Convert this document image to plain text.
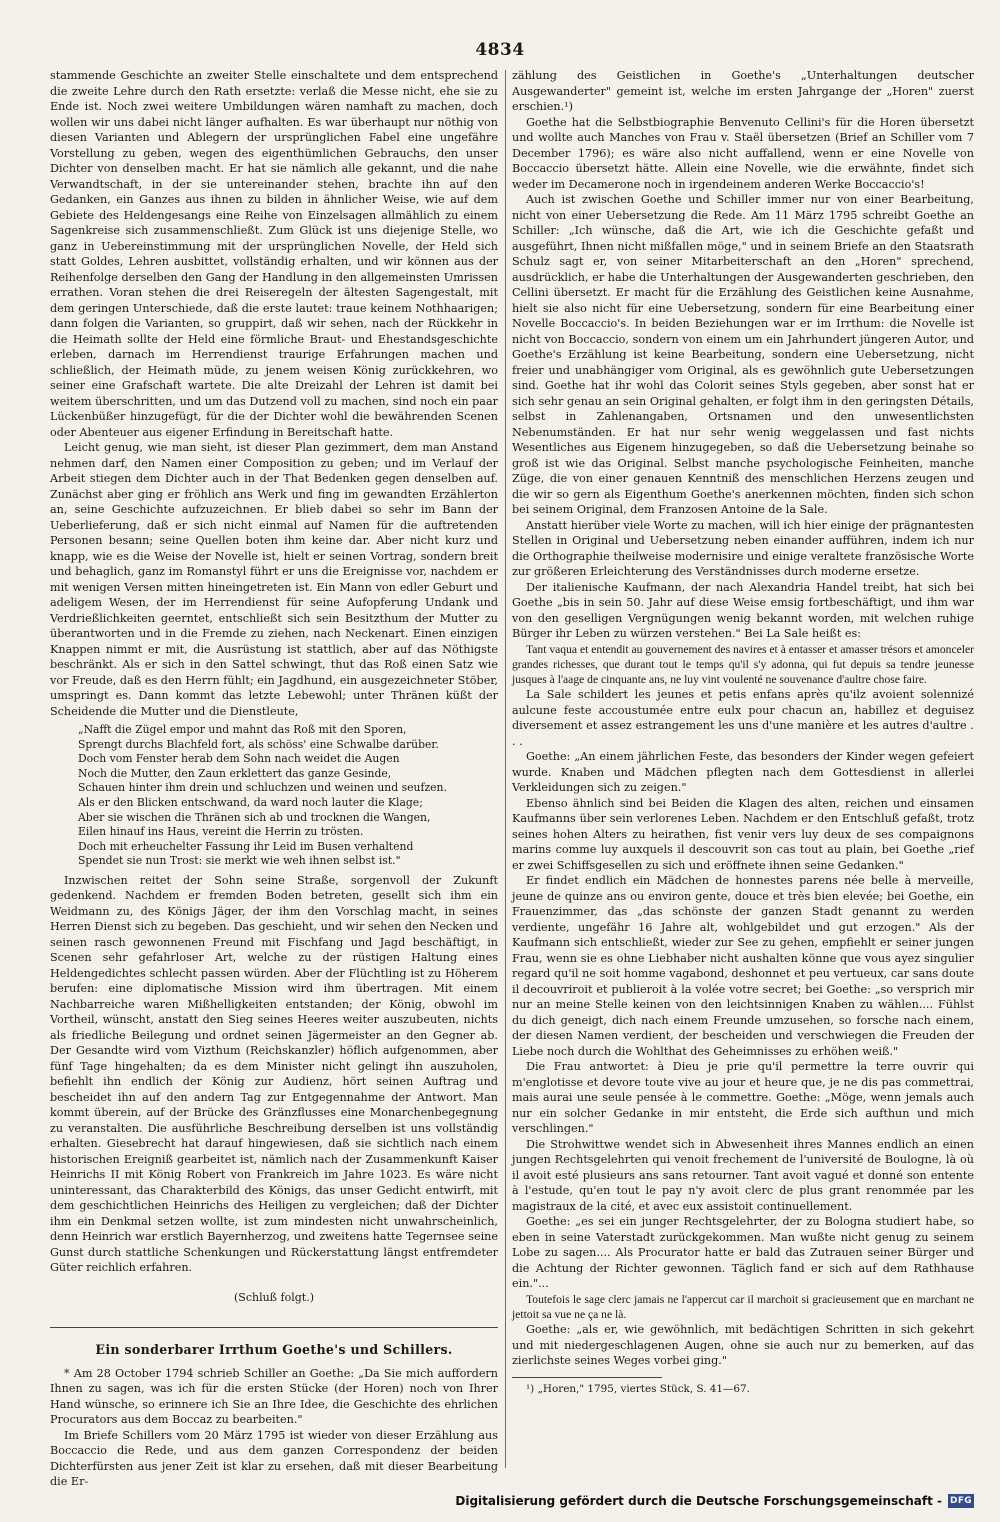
4834

stammende Geschichte an zweiter Stelle einschaltete und dem entsprechend die zweite Lehre durch den Rath ersetzte: verlaß die Messe nicht, ehe sie zu Ende ist. Noch zwei weitere Umbildungen wären namhaft zu machen, doch wollen wir uns dabei nicht länger aufhalten. Es war überhaupt nur nöthig von diesen Varianten und Ablegern der ursprünglichen Fabel eine ungefähre Vorstellung zu geben, wegen des eigenthümlichen Gebrauchs, den unser Dichter von denselben macht. Er hat sie nämlich alle gekannt, und die nahe Verwandtschaft, in der sie untereinander stehen, brachte ihn auf den Gedanken, ein Ganzes aus ihnen zu bilden in ähnlicher Weise, wie auf dem Gebiete des Heldengesangs eine Reihe von Einzelsagen allmählich zu einem Sagenkreise sich zusammenschließt. Zum Glück ist uns diejenige Stelle, wo ganz in Uebereinstimmung mit der ursprünglichen Novelle, der Held sich statt Goldes, Lehren ausbittet, vollständig erhalten, und wir können aus der Reihenfolge derselben den Gang der Handlung in den allgemeinsten Umrissen errathen. Voran stehen die drei Reiseregeln der ältesten Sagengestalt, mit dem geringen Unterschiede, daß die erste lautet: traue keinem Nothhaarigen; dann folgen die Varianten, so gruppirt, daß wir sehen, nach der Rückkehr in die Heimath sollte der Held eine förmliche Braut- und Ehestandsgeschichte erleben, darnach im Herrendienst traurige Erfahrungen machen und schließlich, der Heimath müde, zu jenem weisen König zurückkehren, wo seiner eine Grafschaft wartete. Die alte Dreizahl der Lehren ist damit bei weitem überschritten, und um das Dutzend voll zu machen, sind noch ein paar Lückenbüßer hinzugefügt, für die der Dichter wohl die bewährenden Scenen oder Abenteuer aus eigener Erfindung in Bereitschaft hatte.

Leicht genug, wie man sieht, ist dieser Plan gezimmert, dem man Anstand nehmen darf, den Namen einer Composition zu geben; und im Verlauf der Arbeit stiegen dem Dichter auch in der That Bedenken gegen denselben auf. Zunächst aber ging er fröhlich ans Werk und fing im gewandten Erzählerton an, seine Geschichte aufzuzeichnen. Er blieb dabei so sehr im Bann der Ueberlieferung, daß er sich nicht einmal auf Namen für die auftretenden Personen besann; seine Quellen boten ihm keine dar. Aber nicht kurz und knapp, wie es die Weise der Novelle ist, hielt er seinen Vortrag, sondern breit und behaglich, ganz im Romanstyl führt er uns die Ereignisse vor, nachdem er mit wenigen Versen mitten hineingetreten ist. Ein Mann von edler Geburt und adeligem Wesen, der im Herrendienst für seine Aufopferung Undank und Verdrießlichkeiten geerntet, entschließt sich sein Besitzthum der Mutter zu überantworten und in die Fremde zu ziehen, nach Neckenart. Einen einzigen Knappen nimmt er mit, die Ausrüstung ist stattlich, aber auf das Nöthigste beschränkt. Als er sich in den Sattel schwingt, thut das Roß einen Satz wie vor Freude, daß es den Herrn fühlt; ein Jagdhund, ein ausgezeichneter Stöber, umspringt es. Dann kommt das letzte Lebewohl; unter Thränen küßt der Scheidende die Mutter und die Dienstleute,

„Nafft die Zügel empor und mahnt das Roß mit den Sporen,
Sprengt durchs Blachfeld fort, als schöss' eine Schwalbe darüber.
Doch vom Fenster herab dem Sohn nach weidet die Augen
Noch die Mutter, den Zaun erklettert das ganze Gesinde,
Schauen hinter ihm drein und schluchzen und weinen und seufzen.
Als er den Blicken entschwand, da ward noch lauter die Klage;
Aber sie wischen die Thränen sich ab und trocknen die Wangen,
Eilen hinauf ins Haus, vereint die Herrin zu trösten.
Doch mit erheuchelter Fassung ihr Leid im Busen verhaltend
Spendet sie nun Trost: sie merkt wie weh ihnen selbst ist."

Inzwischen reitet der Sohn seine Straße, sorgenvoll der Zukunft gedenkend. Nachdem er fremden Boden betreten, gesellt sich ihm ein Weidmann zu, des Königs Jäger, der ihm den Vorschlag macht, in seines Herren Dienst sich zu begeben. Das geschieht, und wir sehen den Necken und seinen rasch gewonnenen Freund mit Fischfang und Jagd beschäftigt, in Scenen sehr gefahrloser Art, welche zu der rüstigen Haltung eines Heldengedichtes schlecht passen würden. Aber der Flüchtling ist zu Höherem berufen: eine diplomatische Mission wird ihm übertragen. Mit einem Nachbarreiche waren Mißhelligkeiten entstanden; der König, obwohl im Vortheil, wünscht, anstatt den Sieg seines Heeres weiter auszubeuten, nichts als friedliche Beilegung und ordnet seinen Jägermeister an den Gegner ab. Der Gesandte wird vom Vizthum (Reichskanzler) höflich aufgenommen, aber fünf Tage hingehalten; da es dem Minister nicht gelingt ihn auszuholen, befiehlt ihn endlich der König zur Audienz, hört seinen Auftrag und bescheidet ihn auf den andern Tag zur Entgegennahme der Antwort. Man kommt überein, auf der Brücke des Gränzflusses eine Monarchenbegegnung zu veranstalten. Die ausführliche Beschreibung derselben ist uns vollständig erhalten. Giesebrecht hat darauf hingewiesen, daß sie sichtlich nach einem historischen Ereigniß gearbeitet ist, nämlich nach der Zusammenkunft Kaiser Heinrichs II mit König Robert von Frankreich im Jahre 1023. Es wäre nicht uninteressant, das Charakterbild des Königs, das unser Gedicht entwirft, mit dem geschichtlichen Heinrichs des Heiligen zu vergleichen; daß der Dichter ihm ein Denkmal setzen wollte, ist zum mindesten nicht unwahrscheinlich, denn Heinrich war erstlich Bayernherzog, und zweitens hatte Tegernsee seine Gunst durch stattliche Schenkungen und Rückerstattung längst entfremdeter Güter reichlich erfahren.

(Schluß folgt.)

Ein sonderbarer Irrthum Goethe's und Schillers.

* Am 28 October 1794 schrieb Schiller an Goethe: „Da Sie mich auffordern Ihnen zu sagen, was ich für die ersten Stücke (der Horen) noch von Ihrer Hand wünsche, so erinnere ich Sie an Ihre Idee, die Geschichte des ehrlichen Procurators aus dem Boccaz zu bearbeiten."

Im Briefe Schillers vom 20 März 1795 ist wieder von dieser Erzählung aus Boccaccio die Rede, und aus dem ganzen Correspondenz der beiden Dichterfürsten aus jener Zeit ist klar zu ersehen, daß mit dieser Bearbeitung die Er-

zählung des Geistlichen in Goethe's „Unterhaltungen deutscher Ausgewanderter" gemeint ist, welche im ersten Jahrgange der „Horen" zuerst erschien.¹)

Goethe hat die Selbstbiographie Benvenuto Cellini's für die Horen übersetzt und wollte auch Manches von Frau v. Staël übersetzen (Brief an Schiller vom 7 December 1796); es wäre also nicht auffallend, wenn er eine Novelle von Boccaccio übersetzt hätte. Allein eine Novelle, wie die erwähnte, findet sich weder im Decamerone noch in irgendeinem anderen Werke Boccaccio's!

Auch ist zwischen Goethe und Schiller immer nur von einer Bearbeitung, nicht von einer Uebersetzung die Rede. Am 11 März 1795 schreibt Goethe an Schiller: „Ich wünsche, daß die Art, wie ich die Geschichte gefaßt und ausgeführt, Ihnen nicht mißfallen möge," und in seinem Briefe an den Staatsrath Schulz sagt er, von seiner Mitarbeiterschaft an den „Horen" sprechend, ausdrücklich, er habe die Unterhaltungen der Ausgewanderten geschrieben, den Cellini übersetzt. Er macht für die Erzählung des Geistlichen keine Ausnahme, hielt sie also nicht für eine Uebersetzung, sondern für eine Bearbeitung einer Novelle Boccaccio's. In beiden Beziehungen war er im Irrthum: die Novelle ist nicht von Boccaccio, sondern von einem um ein Jahrhundert jüngeren Autor, und Goethe's Erzählung ist keine Bearbeitung, sondern eine Uebersetzung, nicht freier und unabhängiger vom Original, als es gewöhnlich gute Uebersetzungen sind. Goethe hat ihr wohl das Colorit seines Styls gegeben, aber sonst hat er sich sehr genau an sein Original gehalten, er folgt ihm in den geringsten Détails, selbst in Zahlenangaben, Ortsnamen und den unwesentlichsten Nebenumständen. Er hat nur sehr wenig weggelassen und fast nichts Wesentliches aus Eigenem hinzugegeben, so daß die Uebersetzung beinahe so groß ist wie das Original. Selbst manche psychologische Feinheiten, manche Züge, die von einer genauen Kenntniß des menschlichen Herzens zeugen und die wir so gern als Eigenthum Goethe's anerkennen möchten, finden sich schon bei seinem Original, dem Franzosen Antoine de la Sale.

Anstatt hierüber viele Worte zu machen, will ich hier einige der prägnantesten Stellen in Original und Uebersetzung neben einander aufführen, indem ich nur die Orthographie theilweise modernisire und einige veraltete französische Worte zur größeren Erleichterung des Verständnisses durch moderne ersetze.

Der italienische Kaufmann, der nach Alexandria Handel treibt, hat sich bei Goethe „bis in sein 50. Jahr auf diese Weise emsig fortbeschäftigt, und ihm war von den geselligen Vergnügungen wenig bekannt worden, mit welchen ruhige Bürger ihr Leben zu würzen verstehen." Bei La Sale heißt es:

Tant vaqua et entendit au gouvernement des navires et à entasser et amasser trésors et amonceler grandes richesses, que durant tout le temps qu'il s'y adonna, qui fut depuis sa tendre jeunesse jusques à l'aage de cinquante ans, ne luy vint voulenté ne souvenance d'aultre chose faire.

La Sale schildert les jeunes et petis enfans après qu'ilz avoient solennizé aulcune feste accoustumée entre eulx pour chacun an, habillez et deguisez diversement et assez estrangement les uns d'une manière et les autres d'aultre . . .

Goethe: „An einem jährlichen Feste, das besonders der Kinder wegen gefeiert wurde. Knaben und Mädchen pflegten nach dem Gottesdienst in allerlei Verkleidungen sich zu zeigen."

Ebenso ähnlich sind bei Beiden die Klagen des alten, reichen und einsamen Kaufmanns über sein verlorenes Leben. Nachdem er den Entschluß gefaßt, trotz seines hohen Alters zu heirathen, fist venir vers luy deux de ses compaignons marins comme luy auxquels il descouvrit son cas tout au plain, bei Goethe „rief er zwei Schiffsgesellen zu sich und eröffnete ihnen seine Gedanken."

Er findet endlich ein Mädchen de honnestes parens née belle à merveille, jeune de quinze ans ou environ gente, douce et très bien elevée; bei Goethe, ein Frauenzimmer, das „das schönste der ganzen Stadt genannt zu werden verdiente, ungefähr 16 Jahre alt, wohlgebildet und gut erzogen." Als der Kaufmann sich entschließt, wieder zur See zu gehen, empfiehlt er seiner jungen Frau, wenn sie es ohne Liebhaber nicht aushalten könne que vous ayez singulier regard qu'il ne soit homme vagabond, deshonnet et peu vertueux, car sans doute il decouvriroit et publieroit à la volée votre secret; bei Goethe: „so versprich mir nur an meine Stelle keinen von den leichtsinnigen Knaben zu wählen.... Fühlst du dich geneigt, dich nach einem Freunde umzusehen, so forsche nach einem, der diesen Namen verdient, der bescheiden und verschwiegen die Freuden der Liebe noch durch die Wohlthat des Geheimnisses zu erhöhen weiß."

Die Frau antwortet: à Dieu je prie qu'il permettre la terre ouvrir qui m'englotisse et devore toute vive au jour et heure que, je ne dis pas commettrai, mais aurai une seule pensée à le commettre. Goethe: „Möge, wenn jemals auch nur ein solcher Gedanke in mir entsteht, die Erde sich aufthun und mich verschlingen."

Die Strohwittwe wendet sich in Abwesenheit ihres Mannes endlich an einen jungen Rechtsgelehrten qui venoit frechement de l'université de Boulogne, là où il avoit esté plusieurs ans sans retourner. Tant avoit vagué et donné son entente à l'estude, qu'en tout le pay n'y avoit clerc de plus grant renommée par les magistraux de la cité, et avec eux assistoit continuellement.

Goethe: „es sei ein junger Rechtsgelehrter, der zu Bologna studiert habe, so eben in seine Vaterstadt zurückgekommen. Man wußte nicht genug zu seinem Lobe zu sagen.... Als Procurator hatte er bald das Zutrauen seiner Bürger und die Achtung der Richter gewonnen. Täglich fand er sich auf dem Rathhause ein."...

Toutefois le sage clerc jamais ne l'appercut car il marchoit si gracieusement que en marchant ne jettoit sa vue ne ça ne là.

Goethe: „als er, wie gewöhnlich, mit bedächtigen Schritten in sich gekehrt und mit niedergeschlagenen Augen, ohne sie auch nur zu bemerken, auf das zierlichste seines Weges vorbei ging."

¹) „Horen," 1795, viertes Stück, S. 41—67.

Digitalisierung gefördert durch die Deutsche Forschungsgemeinschaft - DFG
